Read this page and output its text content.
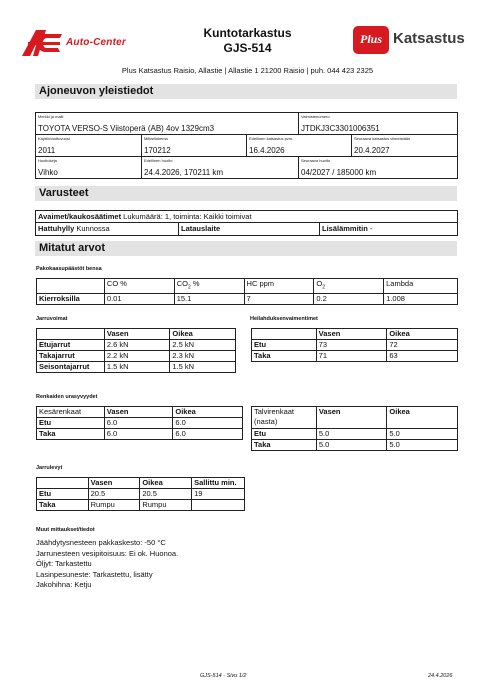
Auto-Center
Kuntotarkastus
GJS-514
Plus Katsastus
Plus Katsastus Raisio, Allastie | Allastie 1 21200 Raisio | puh. 044 423 2325
Ajoneuvon yleistiedot
Merkki ja malli
TOYOTA VERSO-S Viistoperä (AB) 4ov 1329cm3
Valmistenumero
JTDKJ3C3301006351
Käyttöönottovuosi
2011
Mittarilukema
170212
Edellinen katsastus pvm.
16.4.2026
Seuraava katsastus viimeistään
20.4.2027
Huoltokirja
Vihko
Edellinen huolto
24.4.2026, 170211 km
Seuraava huolto
04/2027 / 185000 km
Varusteet
Avaimet/kaukosäätimet Lukumäärä: 1, toiminta: Kaikki toimivat
Hattuhylly Kunnossa	Latauslaite	Lisälämmitin -
Mitatut arvot
Pakokaasupäästöt bensa
	CO %	$CO_2$ %	HC ppm	$O_2$	Lambda
Kierroksilla	0.01	15.1	7	0.2	1.008
Jarruvoimat
	Vasen	Oikea
Etujarrut	2.6 kN	2.5 kN
Takajarrut	2.2 kN	2.3 kN
Seisontajarrut	1.5 kN	1.5 kN
Heilahduksenvaimentimet
	Vasen	Oikea
Etu	73	72
Taka	71	63
Renkaiden urasyvyydet
Kesärenkaat	Vasen	Oikea
Etu	6.0	6.0
Taka	6.0	6.0
Talvirenkaat (nasta)	Vasen	Oikea
Etu	5.0	5.0
Taka	5.0	5.0
Jarrulevyt
	Vasen	Oikea	Sallittu min.
Etu	20.5	20.5	19
Taka	Rumpu	Rumpu	
Muut mittaukset/tiedot
Jäähdytysnesteen pakkaskesto: -50 °C
Jarrunesteen vesipitoisuus: Ei ok. Huonoa.
Öljyt: Tarkastettu
Lasinpesuneste: Tarkastettu, lisätty
Jakohihna: Ketju
GJS-514 · Sivu 1/2	24.4.2026
